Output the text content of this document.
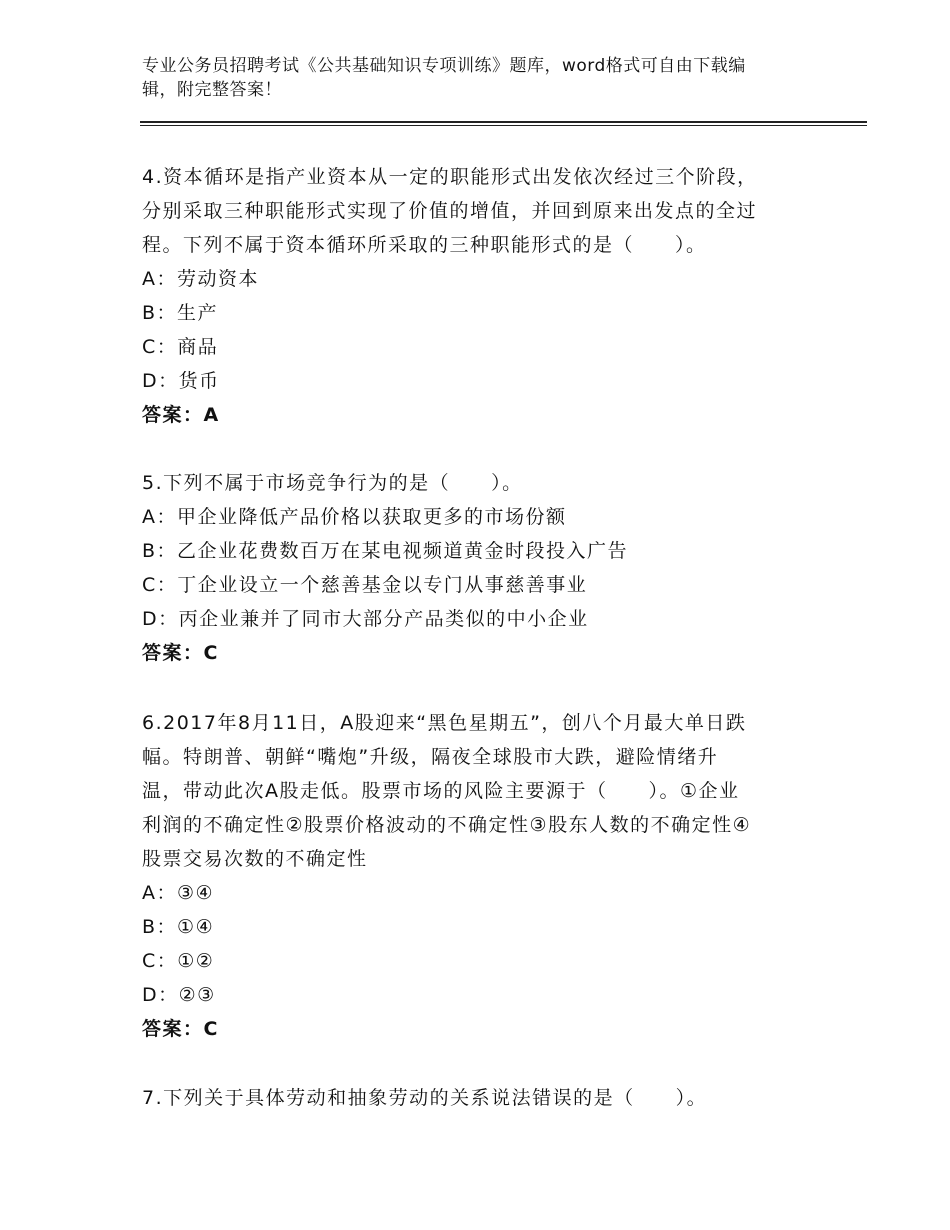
专业公务员招聘考试《公共基础知识专项训练》题库，word格式可自由下载编
辑，附完整答案！

4.资本循环是指产业资本从一定的职能形式出发依次经过三个阶段，

分别采取三种职能形式实现了价值的增值，并回到原来出发点的全过

程。下列不属于资本循环所采取的三种职能形式的是（　　）。

A：劳动资本

B：生产

C：商品

D：货币

答案：A

5.下列不属于市场竞争行为的是（　　）。

A：甲企业降低产品价格以获取更多的市场份额

B：乙企业花费数百万在某电视频道黄金时段投入广告

C：丁企业设立一个慈善基金以专门从事慈善事业

D：丙企业兼并了同市大部分产品类似的中小企业

答案：C

6.2017年8月11日，A股迎来“黑色星期五”，创八个月最大单日跌

幅。特朗普、朝鲜“嘴炮”升级，隔夜全球股市大跌，避险情绪升

温，带动此次A股走低。股票市场的风险主要源于（　　）。①企业

利润的不确定性②股票价格波动的不确定性③股东人数的不确定性④

股票交易次数的不确定性

A：③④

B：①④

C：①②

D：②③

答案：C

7.下列关于具体劳动和抽象劳动的关系说法错误的是（　　）。
